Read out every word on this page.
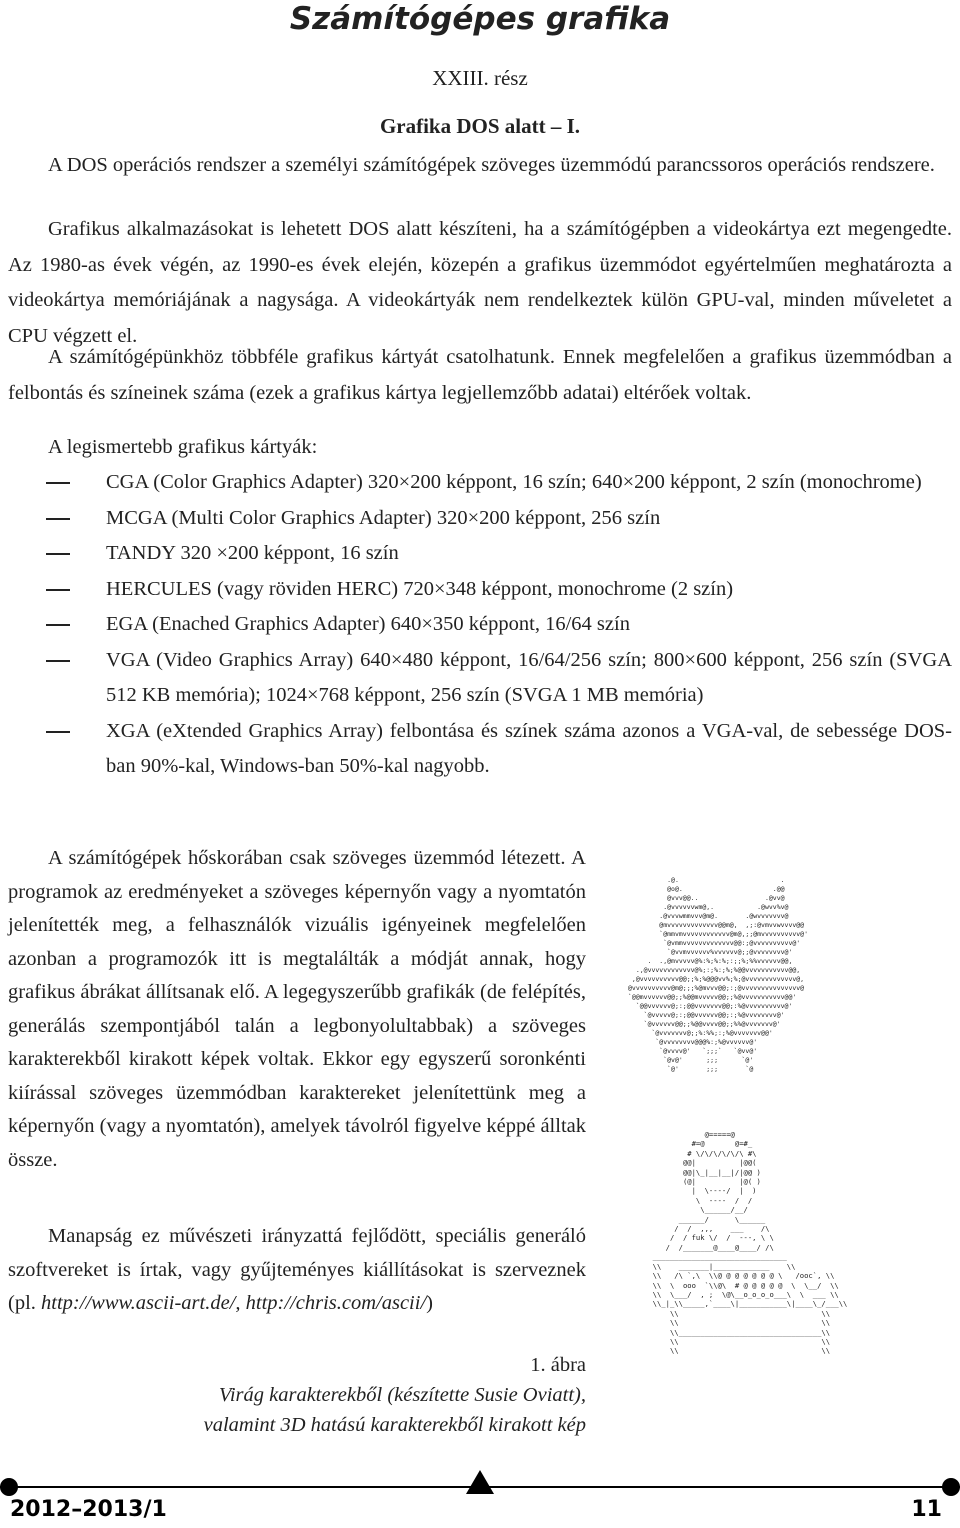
Számítógépes grafika
XXIII. rész
Grafika DOS alatt – I.

A DOS operációs rendszer a személyi számítógépek szöveges üzemmódú parancssoros operációs rendszere.

Grafikus alkalmazásokat is lehetett DOS alatt készíteni, ha a számítógépben a videokártya ezt megengedte. Az 1980-as évek végén, az 1990-es évek elején, közepén a grafikus üzemmódot egyértelműen meghatározta a videokártya memóriájának a nagysága. A videokártyák nem rendelkeztek külön GPU-val, minden műveletet a CPU végzett el.

A számítógépünkhöz többféle grafikus kártyát csatolhatunk. Ennek megfelelően a grafikus üzemmódban a felbontás és színeinek száma (ezek a grafikus kártya legjellemzőbb adatai) eltérőek voltak.

A legismertebb grafikus kártyák:

CGA (Color Graphics Adapter) 320×200 képpont, 16 szín; 640×200 képpont, 2 szín (monochrome)
MCGA (Multi Color Graphics Adapter) 320×200 képpont, 256 szín
TANDY 320 ×200 képpont, 16 szín
HERCULES (vagy röviden HERC) 720×348 képpont, monochrome (2 szín)
EGA (Enached Graphics Adapter) 640×350 képpont, 16/64 szín
VGA (Video Graphics Array) 640×480 képpont, 16/64/256 szín; 800×600 képpont, 256 szín (SVGA 512 KB memória); 1024×768 képpont, 256 szín (SVGA 1 MB memória)
XGA (eXtended Graphics Array) felbontása és színek száma azonos a VGA-val, de sebessége DOS-ban 90%-kal, Windows-ban 50%-kal nagyobb.

A számítógépek hőskorában csak szöveges üzemmód létezett. A programok az eredményeket a szöveges képernyőn vagy a nyomtatón jelenítették meg, a felhasználók vizuális igényeinek megfelelően azonban a programozók itt is megtalálták a módját annak, hogy grafikus ábrákat állítsanak elő. A legegyszerűbb grafikák (de felépítés, generálás szempontjából talán a legbonyolultabbak) a szöveges karakterekből kirakott képek voltak. Ekkor egy egyszerű soronkénti kiírással szöveges üzemmódban karaktereket jelenítettünk meg a képernyőn (vagy a nyomtatón), amelyek távolról figyelve képpé álltak össze.

Manapság ez művészeti irányzattá fejlődött, speciális generáló szoftvereket is írtak, vagy gyűjteményes kiállításokat is szerveznek (pl. http://www.ascii-art.de/, http://chris.com/ascii/)

1. ábra
Virág karakterekből (készítette Susie Oviatt),
valamint 3D hatású karakterekből kirakott kép
.@.                          .
@o@.                       .@@
@vvv@@..                 .@vv@
.@vvvvvvwm@,.           .@wvv%v@
.@vvvwmmvvv@m@.       .@wvvvvvvv@
@mvvvvvvvvvvvvv@@m@,  ,;:@vmvvwvvvv@@
`@mmvmvvvvvvvvvvvv@m@,;;@mvvvvvvvvvv@'
`@vmmvvvvvvvvvvvvv@@:;@vvvvvvvvvv@'
`@vvmvvvvvv%vvvvvv@;;@vvvvvvvv@'
.  .,@mvvvvv@%:%;%:%;:;;%;%%vvvvvv@@,
.,@vvvvvvvvvvvv@%;:;%:;%;%@@vvvvvvvvvvv@@,
,@vvvvvvvvvv@@;;%;%@@@vv%;%;@vvvvvvvvvvvvv@,
@vvvvvvvvvv@m@;;;%@mvvv@@;:;@vvvvvvvvvvvvvvv@
`@@mvvvvvv@@;;%@@mvvvvv@@;;%@vvvvvvvvvvv@@'
`@@vvvvvv@;:;@@vvvvvvv@@;:%@vvvvvvvvvv@'
`@vvvvv@;:;@@vvvvvv@@;:;%@vvvvvvvv@'
`@vvvvvv@@;;%@@vvvv@@;;%%@vvvvvvv@'
`@vvvvvvv@;;%:%%;:;%@vvvvvvv@@'
`@vvvvvvvv@@@%:;%@vvvvvv@'
`@vvvv@'   `;;;`   `@vv@'
`@v@'      ;;;      `@'
`@'       ;;;       `@
@=====@
#=@       @=#_
# \/\/\/\/\/\ #\
@@|          |@@(
@@|\_|__|__|/|@@ )
(@|          |@( )
|  \----/  |  )
\  ----  /  /
\______/__/
______/      \______
/  /  ,,,    ___    /\
/  / fuk \/  /  ---, \ \
/  /_______@____@____/ /\
_______________________________
\\    _______|_____________    \\
\\   /\ `,\  \\@ @ @ @ @ @ @ \   /ooc`, \\
\\  \  ooo  `\\@\  # @ @ @ @ @  \  \__/  \\
\\  \___/  , ;  \@\__o_o_o_o___\  \  ___ \\
\\_|_\\_____,`____\|___________\|____\_/___\\
\\                                 \\
\\                                 \\
\\_________________________________\\
\\                                 \\
\\                                 \\
2012–2013/1	11
